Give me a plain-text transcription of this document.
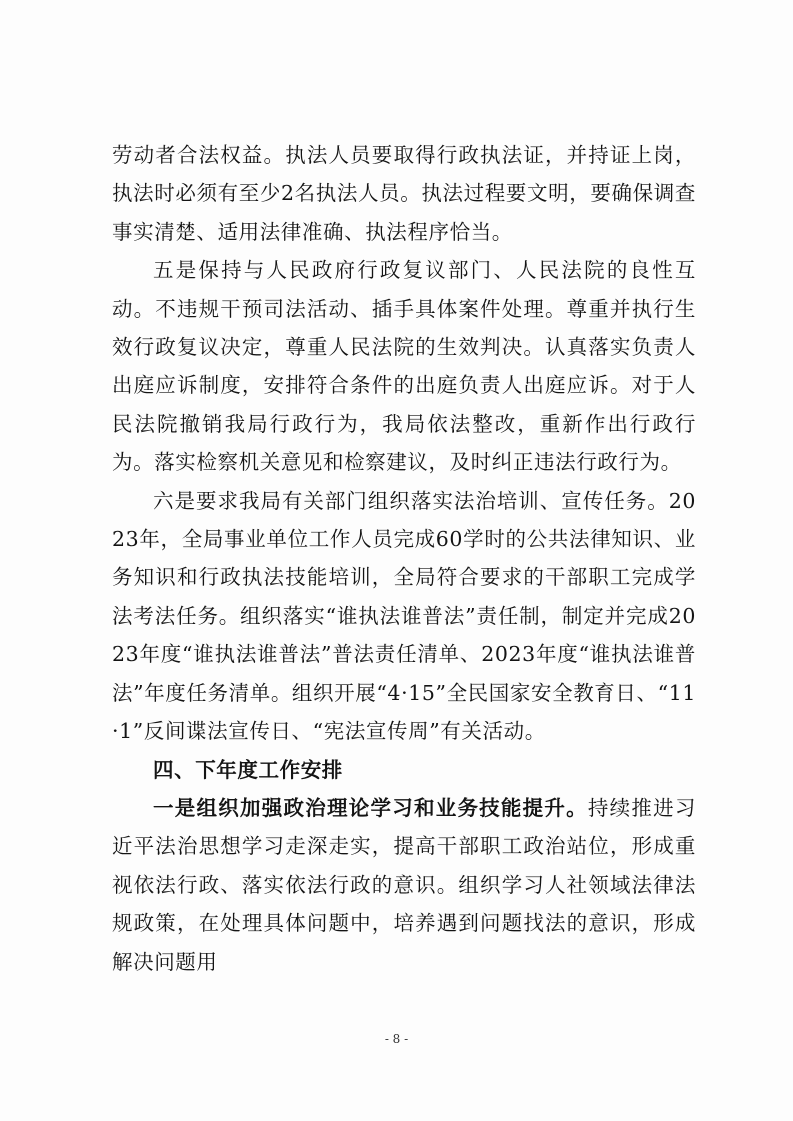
劳动者合法权益。执法人员要取得行政执法证，并持证上岗，执法时必须有至少2名执法人员。执法过程要文明，要确保调查事实清楚、适用法律准确、执法程序恰当。

五是保持与人民政府行政复议部门、人民法院的良性互动。不违规干预司法活动、插手具体案件处理。尊重并执行生效行政复议决定，尊重人民法院的生效判决。认真落实负责人出庭应诉制度，安排符合条件的出庭负责人出庭应诉。对于人民法院撤销我局行政行为，我局依法整改，重新作出行政行为。落实检察机关意见和检察建议，及时纠正违法行政行为。

六是要求我局有关部门组织落实法治培训、宣传任务。2023年，全局事业单位工作人员完成60学时的公共法律知识、业务知识和行政执法技能培训，全局符合要求的干部职工完成学法考法任务。组织落实“谁执法谁普法”责任制，制定并完成2023年度“谁执法谁普法”普法责任清单、2023年度“谁执法谁普法”年度任务清单。组织开展“4·15”全民国家安全教育日、“11·1”反间谍法宣传日、“宪法宣传周”有关活动。

四、下年度工作安排

一是组织加强政治理论学习和业务技能提升。持续推进习近平法治思想学习走深走实，提高干部职工政治站位，形成重视依法行政、落实依法行政的意识。组织学习人社领域法律法规政策，在处理具体问题中，培养遇到问题找法的意识，形成解决问题用

- 8 -
